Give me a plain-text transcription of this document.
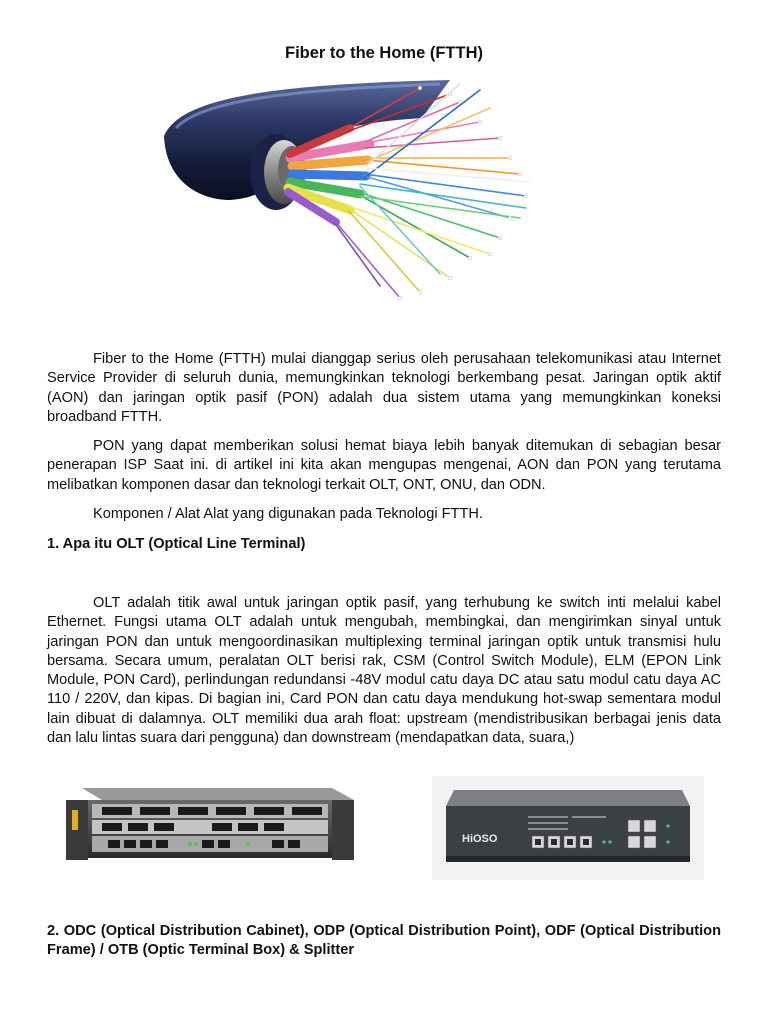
Fiber to the Home (FTTH)

Fiber to the Home (FTTH) mulai dianggap serius oleh perusahaan telekomunikasi atau Internet Service Provider di seluruh dunia, memungkinkan teknologi berkembang pesat. Jaringan optik aktif (AON) dan jaringan optik pasif (PON) adalah dua sistem utama yang memungkinkan koneksi broadband FTTH.

PON yang dapat memberikan solusi hemat biaya lebih banyak ditemukan di sebagian besar penerapan ISP Saat ini. di artikel ini kita akan mengupas mengenai, AON dan PON yang terutama melibatkan komponen dasar dan teknologi terkait OLT, ONT, ONU, dan ODN.

Komponen / Alat Alat yang digunakan pada Teknologi FTTH.

1. Apa itu OLT (Optical Line Terminal)

OLT adalah titik awal untuk jaringan optik pasif, yang terhubung ke switch inti melalui kabel Ethernet. Fungsi utama OLT adalah untuk mengubah, membingkai, dan mengirimkan sinyal untuk jaringan PON dan untuk mengoordinasikan multiplexing terminal jaringan optik untuk transmisi hulu bersama. Secara umum, peralatan OLT berisi rak, CSM (Control Switch Module), ELM (EPON Link Module, PON Card), perlindungan redundansi -48V modul catu daya DC atau satu modul catu daya AC 110 / 220V, dan kipas. Di bagian ini, Card PON dan catu daya mendukung hot-swap sementara modul lain dibuat di dalamnya. OLT memiliki dua arah float: upstream (mendistribusikan berbagai jenis data dan lalu lintas suara dari pengguna) dan downstream (mendapatkan data, suara,)

HiOSO

2. ODC (Optical Distribution Cabinet), ODP (Optical Distribution Point), ODF (Optical Distribution Frame) / OTB (Optic Terminal Box) & Splitter
